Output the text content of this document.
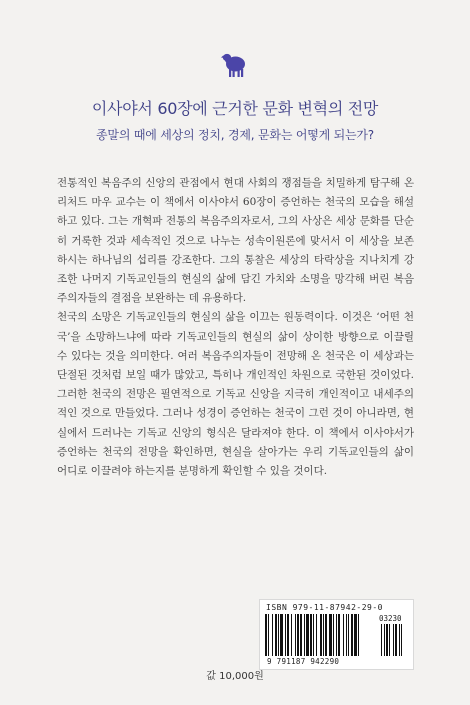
이사야서 60장에 근거한 문화 변혁의 전망
종말의 때에 세상의 정치, 경제, 문화는 어떻게 되는가?

전통적인 복음주의 신앙의 관점에서 현대 사회의 쟁점들을 치밀하게 탐구해 온 리처드 마우 교수는 이 책에서 이사야서 60장이 증언하는 천국의 모습을 해설하고 있다. 그는 개혁파 전통의 복음주의자로서, 그의 사상은 세상 문화를 단순히 거룩한 것과 세속적인 것으로 나누는 성속이원론에 맞서서 이 세상을 보존하시는 하나님의 섭리를 강조한다. 그의 통찰은 세상의 타락상을 지나치게 강조한 나머지 기독교인들의 현실의 삶에 담긴 가치와 소명을 망각해 버린 복음주의자들의 결점을 보완하는 데 유용하다.

천국의 소망은 기독교인들의 현실의 삶을 이끄는 원동력이다. 이것은 ‘어떤 천국’을 소망하느냐에 따라 기독교인들의 현실의 삶이 상이한 방향으로 이끌릴 수 있다는 것을 의미한다. 여러 복음주의자들이 전망해 온 천국은 이 세상과는 단절된 것처럼 보일 때가 많았고, 특히나 개인적인 차원으로 국한된 것이었다. 그러한 천국의 전망은 필연적으로 기독교 신앙을 지극히 개인적이고 내세주의적인 것으로 만들었다. 그러나 성경이 증언하는 천국이 그런 것이 아니라면, 현실에서 드러나는 기독교 신앙의 형식은 달라져야 한다. 이 책에서 이사야서가 증언하는 천국의 전망을 확인하면, 현실을 살아가는 우리 기독교인들의 삶이 어디로 이끌려야 하는지를 분명하게 확인할 수 있을 것이다.

ISBN 979-11-87942-29-0
03230
9 791187 942290
값 10,000원
